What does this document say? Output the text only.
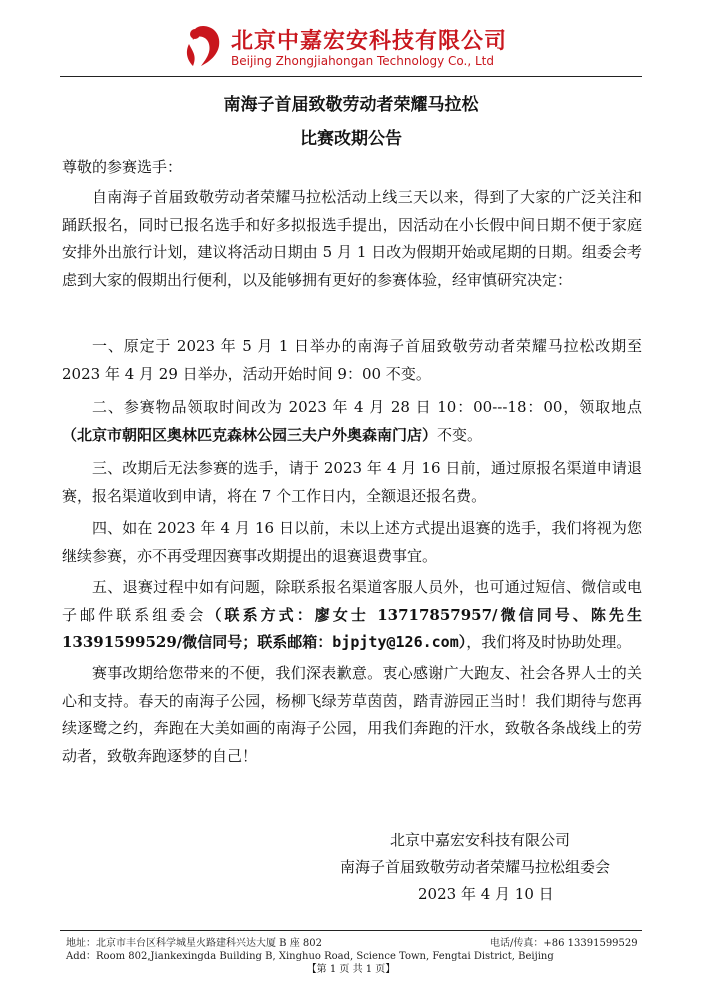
北京中嘉宏安科技有限公司
Beijing Zhongjiahongan Technology Co., Ltd
南海子首届致敬劳动者荣耀马拉松
比赛改期公告
尊敬的参赛选手：

自南海子首届致敬劳动者荣耀马拉松活动上线三天以来，得到了大家的广泛关注和踊跃报名，同时已报名选手和好多拟报选手提出，因活动在小长假中间日期不便于家庭安排外出旅行计划，建议将活动日期由 5 月 1 日改为假期开始或尾期的日期。组委会考虑到大家的假期出行便利，以及能够拥有更好的参赛体验，经审慎研究决定：

一、原定于 2023 年 5 月 1 日举办的南海子首届致敬劳动者荣耀马拉松改期至 2023 年 4 月 29 日举办，活动开始时间 9：00 不变。

二、参赛物品领取时间改为 2023 年 4 月 28 日 10：00---18：00，领取地点（北京市朝阳区奥林匹克森林公园三夫户外奥森南门店）不变。

三、改期后无法参赛的选手，请于 2023 年 4 月 16 日前，通过原报名渠道申请退赛，报名渠道收到申请，将在 7 个工作日内，全额退还报名费。

四、如在 2023 年 4 月 16 日以前，未以上述方式提出退赛的选手，我们将视为您继续参赛，亦不再受理因赛事改期提出的退赛退费事宜。

五、退赛过程中如有问题，除联系报名渠道客服人员外，也可通过短信、微信或电子邮件联系组委会（联系方式：廖女士 13717857957/微信同号、陈先生 13391599529/微信同号；联系邮箱：bjpjty@126.com），我们将及时协助处理。

赛事改期给您带来的不便，我们深表歉意。衷心感谢广大跑友、社会各界人士的关心和支持。春天的南海子公园，杨柳飞绿芳草茵茵，踏青游园正当时！我们期待与您再续逐鹭之约，奔跑在大美如画的南海子公园，用我们奔跑的汗水，致敬各条战线上的劳动者，致敬奔跑逐梦的自己！

北京中嘉宏安科技有限公司
南海子首届致敬劳动者荣耀马拉松组委会
2023 年 4 月 10 日
地址：北京市丰台区科学城星火路建科兴达大厦 B 座 802	电话/传真：+86 13391599529
Add：Room 802,Jiankexingda Building B, Xinghuo Road, Science Town, Fengtai District, Beijing
【第 1 页 共 1 页】
